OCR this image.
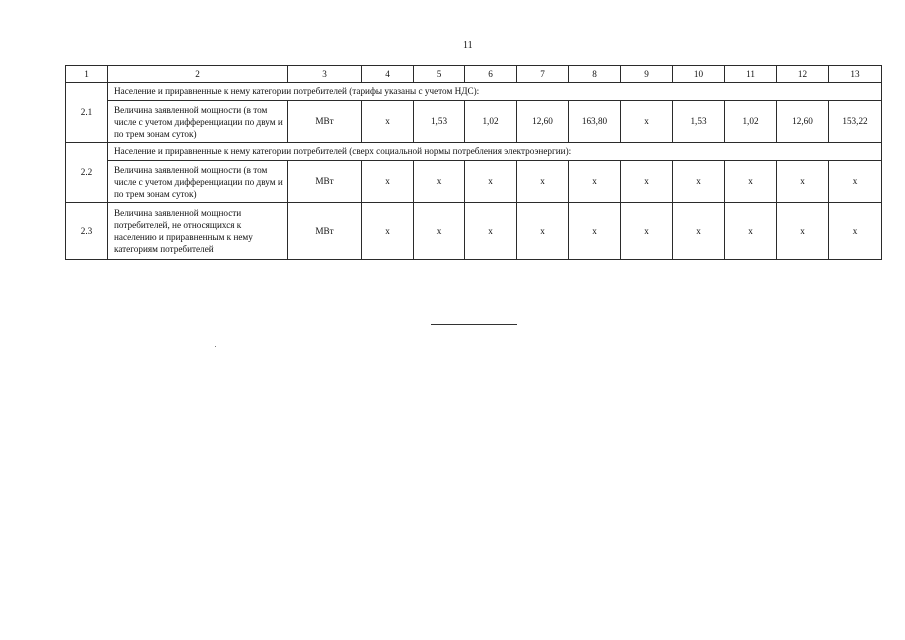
11
1	2	3	4	5	6	7	8	9	10	11	12	13
2.1	Население и приравненные к нему категории потребителей (тарифы указаны с учетом НДС):											
	Величина заявленной мощности (в том числе с учетом дифференциации по двум и по трем зонам суток)	МВт	х	1,53	1,02	12,60	163,80	х	1,53	1,02	12,60	153,22
2.2	Население и приравненные к нему категории потребителей (сверх социальной нормы потребления электроэнергии):											
	Величина заявленной мощности (в том числе с учетом дифференциации по двум и по трем зонам суток)	МВт	х	х	х	х	х	х	х	х	х	х
2.3	Величина заявленной мощности потребителей, не относящихся к населению и приравненным к нему категориям потребителей	МВт	х	х	х	х	х	х	х	х	х	х
